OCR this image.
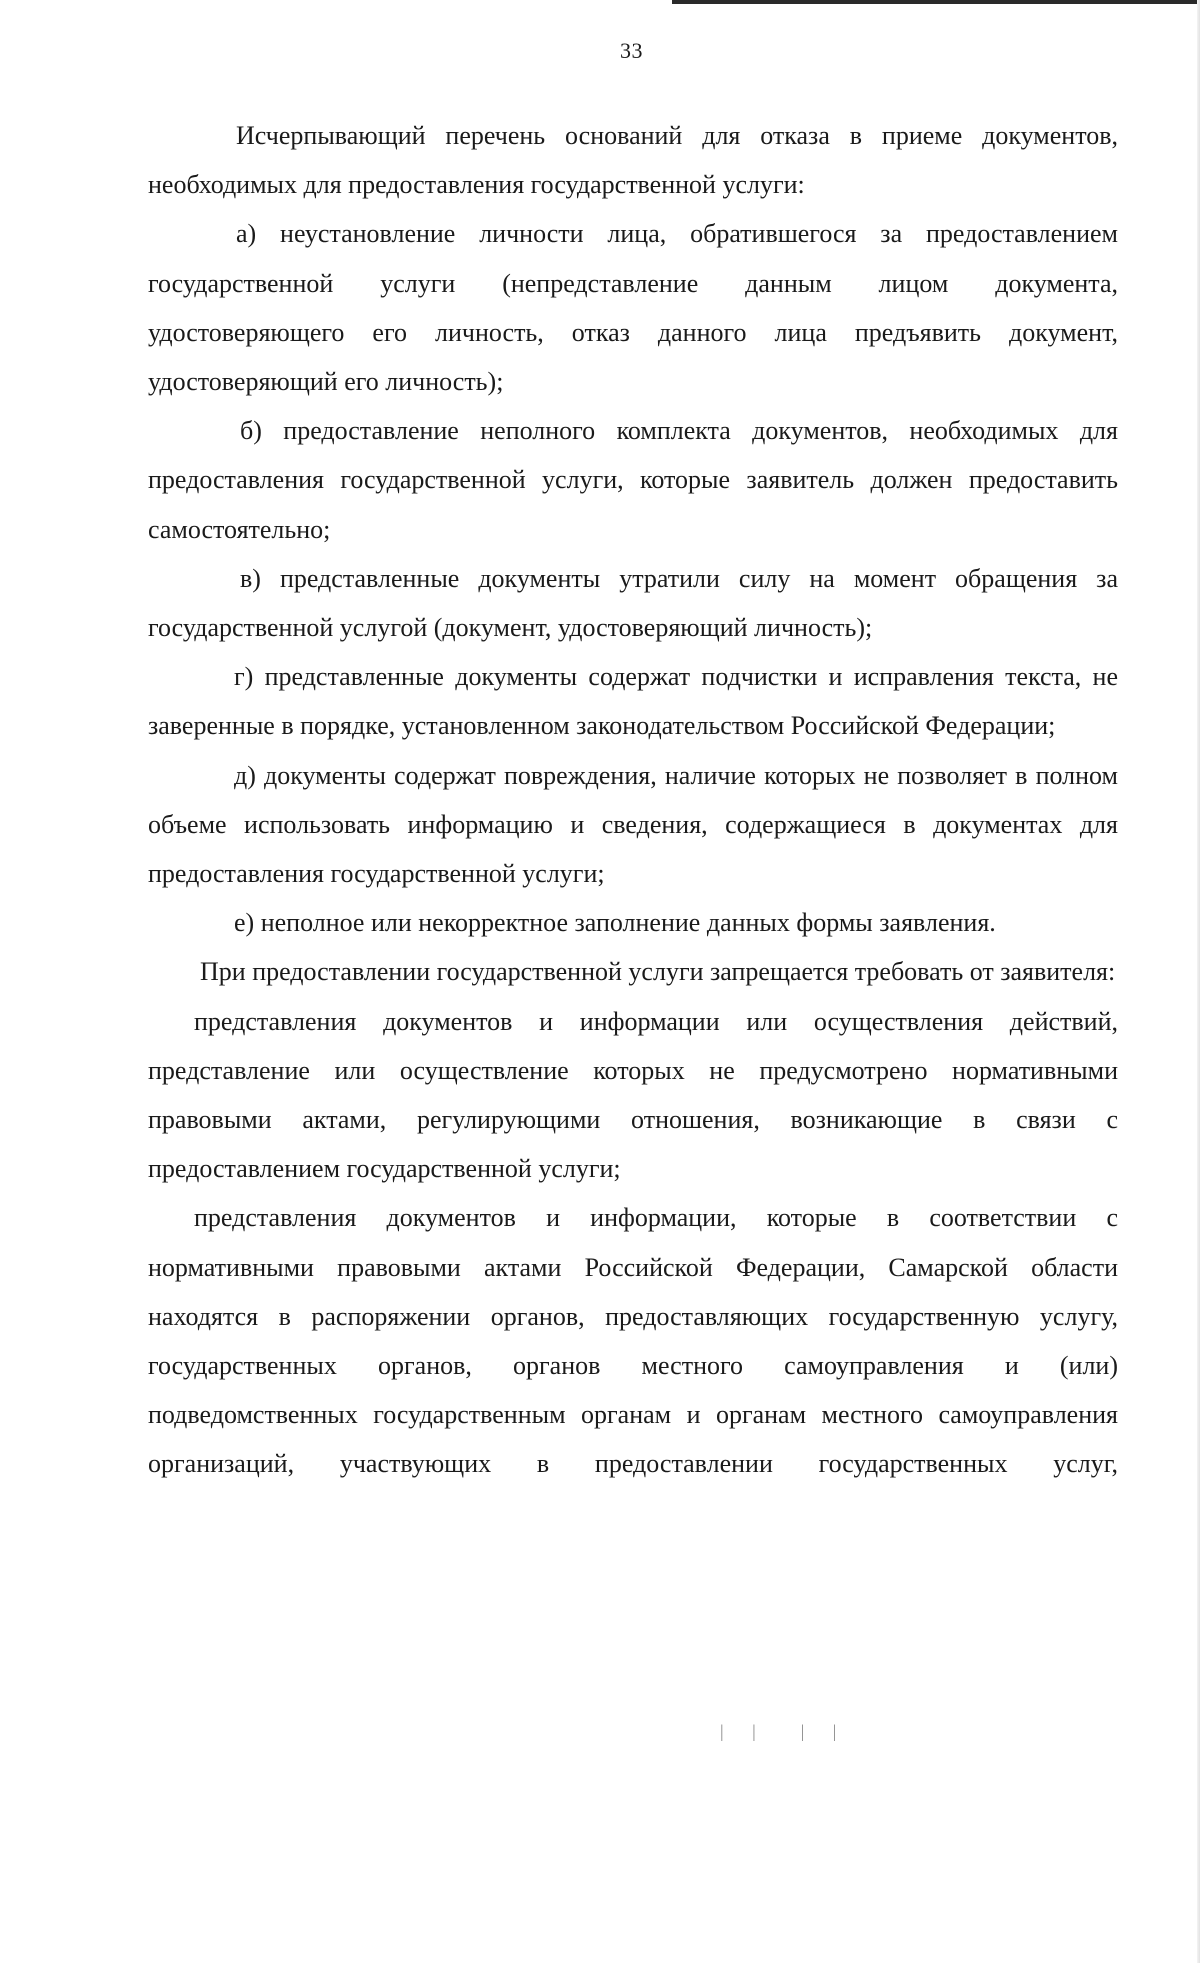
33

Исчерпывающий перечень оснований для отказа в приеме документов, необходимых для предоставления государственной услуги:

а) неустановление личности лица, обратившегося за предоставлением государственной услуги (непредставление данным лицом документа, удостоверяющего его личность, отказ данного лица предъявить документ, удостоверяющий его личность);

б) предоставление неполного комплекта документов, необходимых для предоставления государственной услуги, которые заявитель должен предоставить самостоятельно;

в) представленные документы утратили силу на момент обращения за государственной услугой (документ, удостоверяющий личность);

г) представленные документы содержат подчистки и исправления текста, не заверенные в порядке, установленном законодательством Российской Федерации;

д) документы содержат повреждения, наличие которых не позволяет в полном объеме использовать информацию и сведения, содержащиеся в документах для предоставления государственной услуги;

е) неполное или некорректное заполнение данных формы заявления.

При предоставлении государственной услуги запрещается требовать от заявителя:

представления документов и информации или осуществления действий, представление или осуществление которых не предусмотрено нормативными правовыми актами, регулирующими отношения, возникающие в связи с предоставлением государственной услуги;

представления документов и информации, которые в соответствии с нормативными правовыми актами Российской Федерации, Самарской области находятся в распоряжении органов, предоставляющих государственную услугу, государственных органов, органов местного самоуправления и (или) подведомственных государственным органам и органам местного самоуправления организаций, участвующих в предоставлении государственных услуг,

| |  | |
